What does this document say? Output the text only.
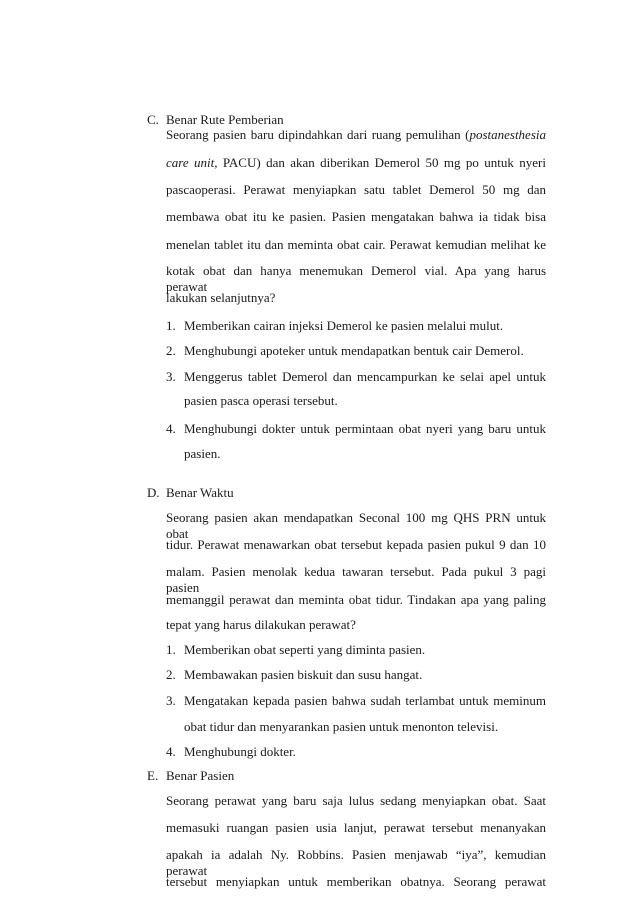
C. Benar Rute Pemberian
Seorang pasien baru dipindahkan dari ruang pemulihan (postanesthesia
care unit, PACU) dan akan diberikan Demerol 50 mg po untuk nyeri
pascaoperasi. Perawat menyiapkan satu tablet Demerol 50 mg dan
membawa obat itu ke pasien. Pasien mengatakan bahwa ia tidak bisa
menelan tablet itu dan meminta obat cair. Perawat kemudian melihat ke
kotak obat dan hanya menemukan Demerol vial. Apa yang harus perawat
lakukan selanjutnya?
1. Memberikan cairan injeksi Demerol ke pasien melalui mulut.
2. Menghubungi apoteker untuk mendapatkan bentuk cair Demerol.
3. Menggerus tablet Demerol dan mencampurkan ke selai apel untuk
pasien pasca operasi tersebut.
4. Menghubungi dokter untuk permintaan obat nyeri yang baru untuk
pasien.
D. Benar Waktu
Seorang pasien akan mendapatkan Seconal 100 mg QHS PRN untuk obat
tidur. Perawat menawarkan obat tersebut kepada pasien pukul 9 dan 10
malam. Pasien menolak kedua tawaran tersebut. Pada pukul 3 pagi pasien
memanggil perawat dan meminta obat tidur. Tindakan apa yang paling
tepat yang harus dilakukan perawat?
1. Memberikan obat seperti yang diminta pasien.
2. Membawakan pasien biskuit dan susu hangat.
3. Mengatakan kepada pasien bahwa sudah terlambat untuk meminum
obat tidur dan menyarankan pasien untuk menonton televisi.
4. Menghubungi dokter.
E. Benar Pasien
Seorang perawat yang baru saja lulus sedang menyiapkan obat. Saat
memasuki ruangan pasien usia lanjut, perawat tersebut menanyakan
apakah ia adalah Ny. Robbins. Pasien menjawab “iya”, kemudian perawat
tersebut menyiapkan untuk memberikan obatnya. Seorang perawat
